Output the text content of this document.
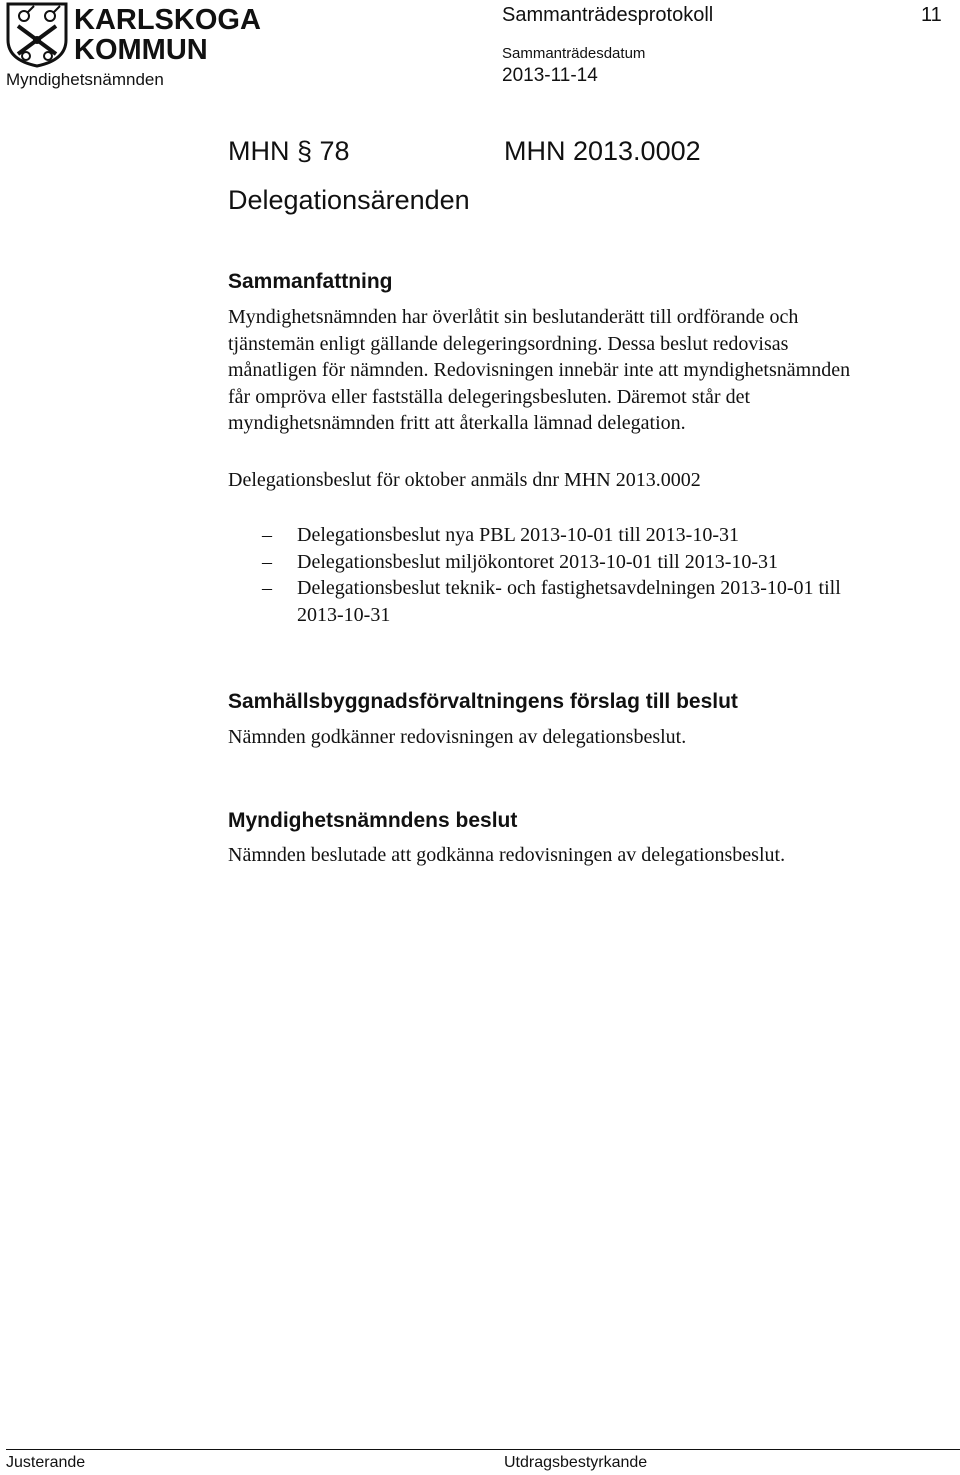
KARLSKOGA
KOMMUN
Myndighetsnämnden
Sammanträdesprotokoll	11
Sammanträdesdatum
2013-11-14
MHN § 78	MHN 2013.0002
Delegationsärenden
Sammanfattning
Myndighetsnämnden har överlåtit sin beslutanderätt till ordförande och
tjänstemän enligt gällande delegeringsordning. Dessa beslut redovisas
månatligen för nämnden. Redovisningen innebär inte att myndighetsnämnden
får ompröva eller fastställa delegeringsbesluten. Däremot står det
myndighetsnämnden fritt att återkalla lämnad delegation.
Delegationsbeslut för oktober anmäls dnr MHN 2013.0002
– Delegationsbeslut nya PBL 2013-10-01 till 2013-10-31
– Delegationsbeslut miljökontoret 2013-10-01 till 2013-10-31
– Delegationsbeslut teknik- och fastighetsavdelningen 2013-10-01 till
2013-10-31
Samhällsbyggnadsförvaltningens förslag till beslut
Nämnden godkänner redovisningen av delegationsbeslut.
Myndighetsnämndens beslut
Nämnden beslutade att godkänna redovisningen av delegationsbeslut.
Justerande	Utdragsbestyrkande
